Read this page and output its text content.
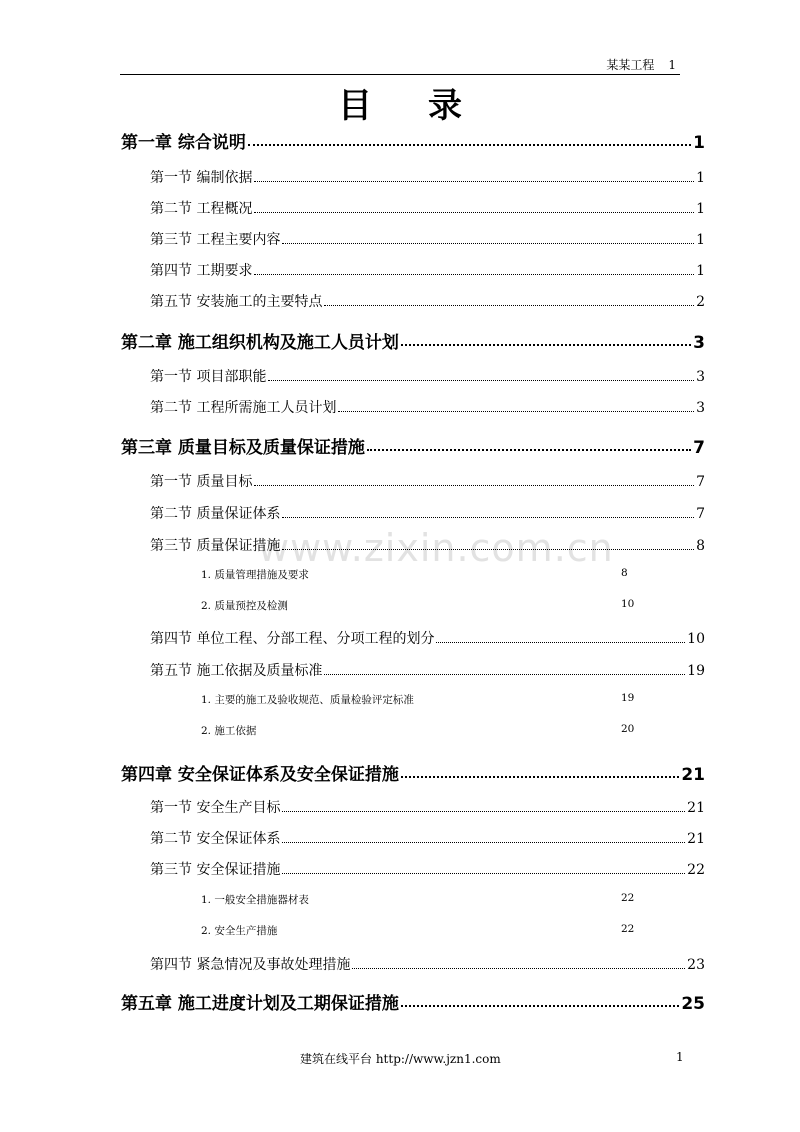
某某工程 1
目录
www.zixin.com.cn
第一章 综合说明	1
第一节 编制依据	1
第二节 工程概况	1
第三节 工程主要内容	1
第四节 工期要求	1
第五节 安装施工的主要特点	2
第二章 施工组织机构及施工人员计划	3
第一节 项目部职能	3
第二节 工程所需施工人员计划	3
第三章 质量目标及质量保证措施	7
第一节 质量目标	7
第二节 质量保证体系	7
第三节 质量保证措施	8
1. 质量管理措施及要求	8
2. 质量预控及检测	10
第四节 单位工程、分部工程、分项工程的划分	10
第五节 施工依据及质量标准	19
1. 主要的施工及验收规范、质量检验评定标准	19
2. 施工依据	20
第四章 安全保证体系及安全保证措施	21
第一节 安全生产目标	21
第二节 安全保证体系	21
第三节 安全保证措施	22
1. 一般安全措施器材表	22
2. 安全生产措施	22
第四节 紧急情况及事故处理措施	23
第五章 施工进度计划及工期保证措施	25
建筑在线平台 http://www.jzn1.com	1
